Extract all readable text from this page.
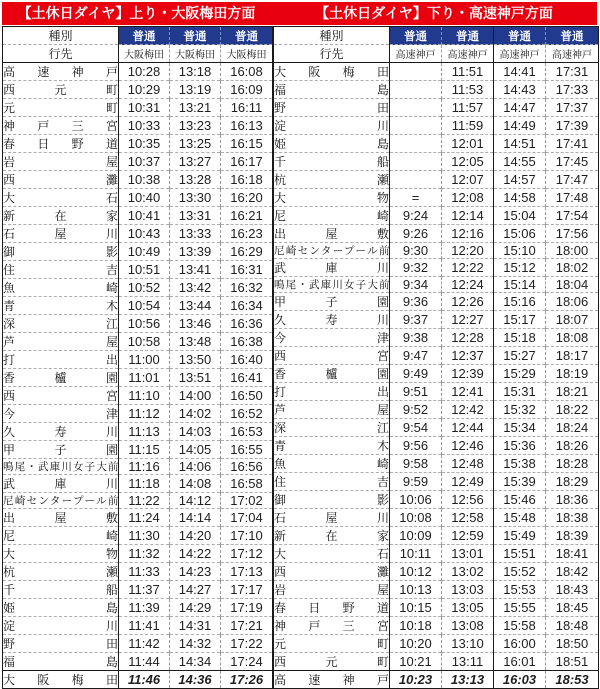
【土休日ダイヤ】上り・大阪梅田方面	【土休日ダイヤ】下り・高速神戸方面
種別	普通	普通	普通
行先	大阪梅田	大阪梅田	大阪梅田
高速神戸	10:28	13:18	16:08
西元町	10:29	13:19	16:09
元町	10:31	13:21	16:11
神戸三宮	10:33	13:23	16:13
春日野道	10:35	13:25	16:15
岩屋	10:37	13:27	16:17
西灘	10:38	13:28	16:18
大石	10:40	13:30	16:20
新在家	10:41	13:31	16:21
石屋川	10:43	13:33	16:23
御影	10:49	13:39	16:29
住吉	10:51	13:41	16:31
魚崎	10:52	13:42	16:32
青木	10:54	13:44	16:34
深江	10:56	13:46	16:36
芦屋	10:58	13:48	16:38
打出	11:00	13:50	16:40
香櫨園	11:01	13:51	16:41
西宮	11:10	14:00	16:50
今津	11:12	14:02	16:52
久寿川	11:13	14:03	16:53
甲子園	11:15	14:05	16:55
鳴尾・武庫川女子大前	11:16	14:06	16:56
武庫川	11:18	14:08	16:58
尼崎センタープール前	11:22	14:12	17:02
出屋敷	11:24	14:14	17:04
尼崎	11:30	14:20	17:10
大物	11:32	14:22	17:12
杭瀬	11:33	14:23	17:13
千船	11:37	14:27	17:17
姫島	11:39	14:29	17:19
淀川	11:41	14:31	17:21
野田	11:42	14:32	17:22
福島	11:44	14:34	17:24
大阪梅田	11:46	14:36	17:26
種別	普通	普通	普通	普通
行先	高速神戸	高速神戸	高速神戸	高速神戸
大阪梅田		11:51	14:41	17:31
福島		11:53	14:43	17:33
野田		11:57	14:47	17:37
淀川		11:59	14:49	17:39
姫島		12:01	14:51	17:41
千船		12:05	14:55	17:45
杭瀬		12:07	14:57	17:47
大物	=	12:08	14:58	17:48
尼崎	9:24	12:14	15:04	17:54
出屋敷	9:26	12:16	15:06	17:56
尼崎センタープール前	9:30	12:20	15:10	18:00
武庫川	9:32	12:22	15:12	18:02
鳴尾・武庫川女子大前	9:34	12:24	15:14	18:04
甲子園	9:36	12:26	15:16	18:06
久寿川	9:37	12:27	15:17	18:07
今津	9:38	12:28	15:18	18:08
西宮	9:47	12:37	15:27	18:17
香櫨園	9:49	12:39	15:29	18:19
打出	9:51	12:41	15:31	18:21
芦屋	9:52	12:42	15:32	18:22
深江	9:54	12:44	15:34	18:24
青木	9:56	12:46	15:36	18:26
魚崎	9:58	12:48	15:38	18:28
住吉	9:59	12:49	15:39	18:29
御影	10:06	12:56	15:46	18:36
石屋川	10:08	12:58	15:48	18:38
新在家	10:09	12:59	15:49	18:39
大石	10:11	13:01	15:51	18:41
西灘	10:12	13:02	15:52	18:42
岩屋	10:13	13:03	15:53	18:43
春日野道	10:15	13:05	15:55	18:45
神戸三宮	10:18	13:08	15:58	18:48
元町	10:20	13:10	16:00	18:50
西元町	10:21	13:11	16:01	18:51
高速神戸	10:23	13:13	16:03	18:53
